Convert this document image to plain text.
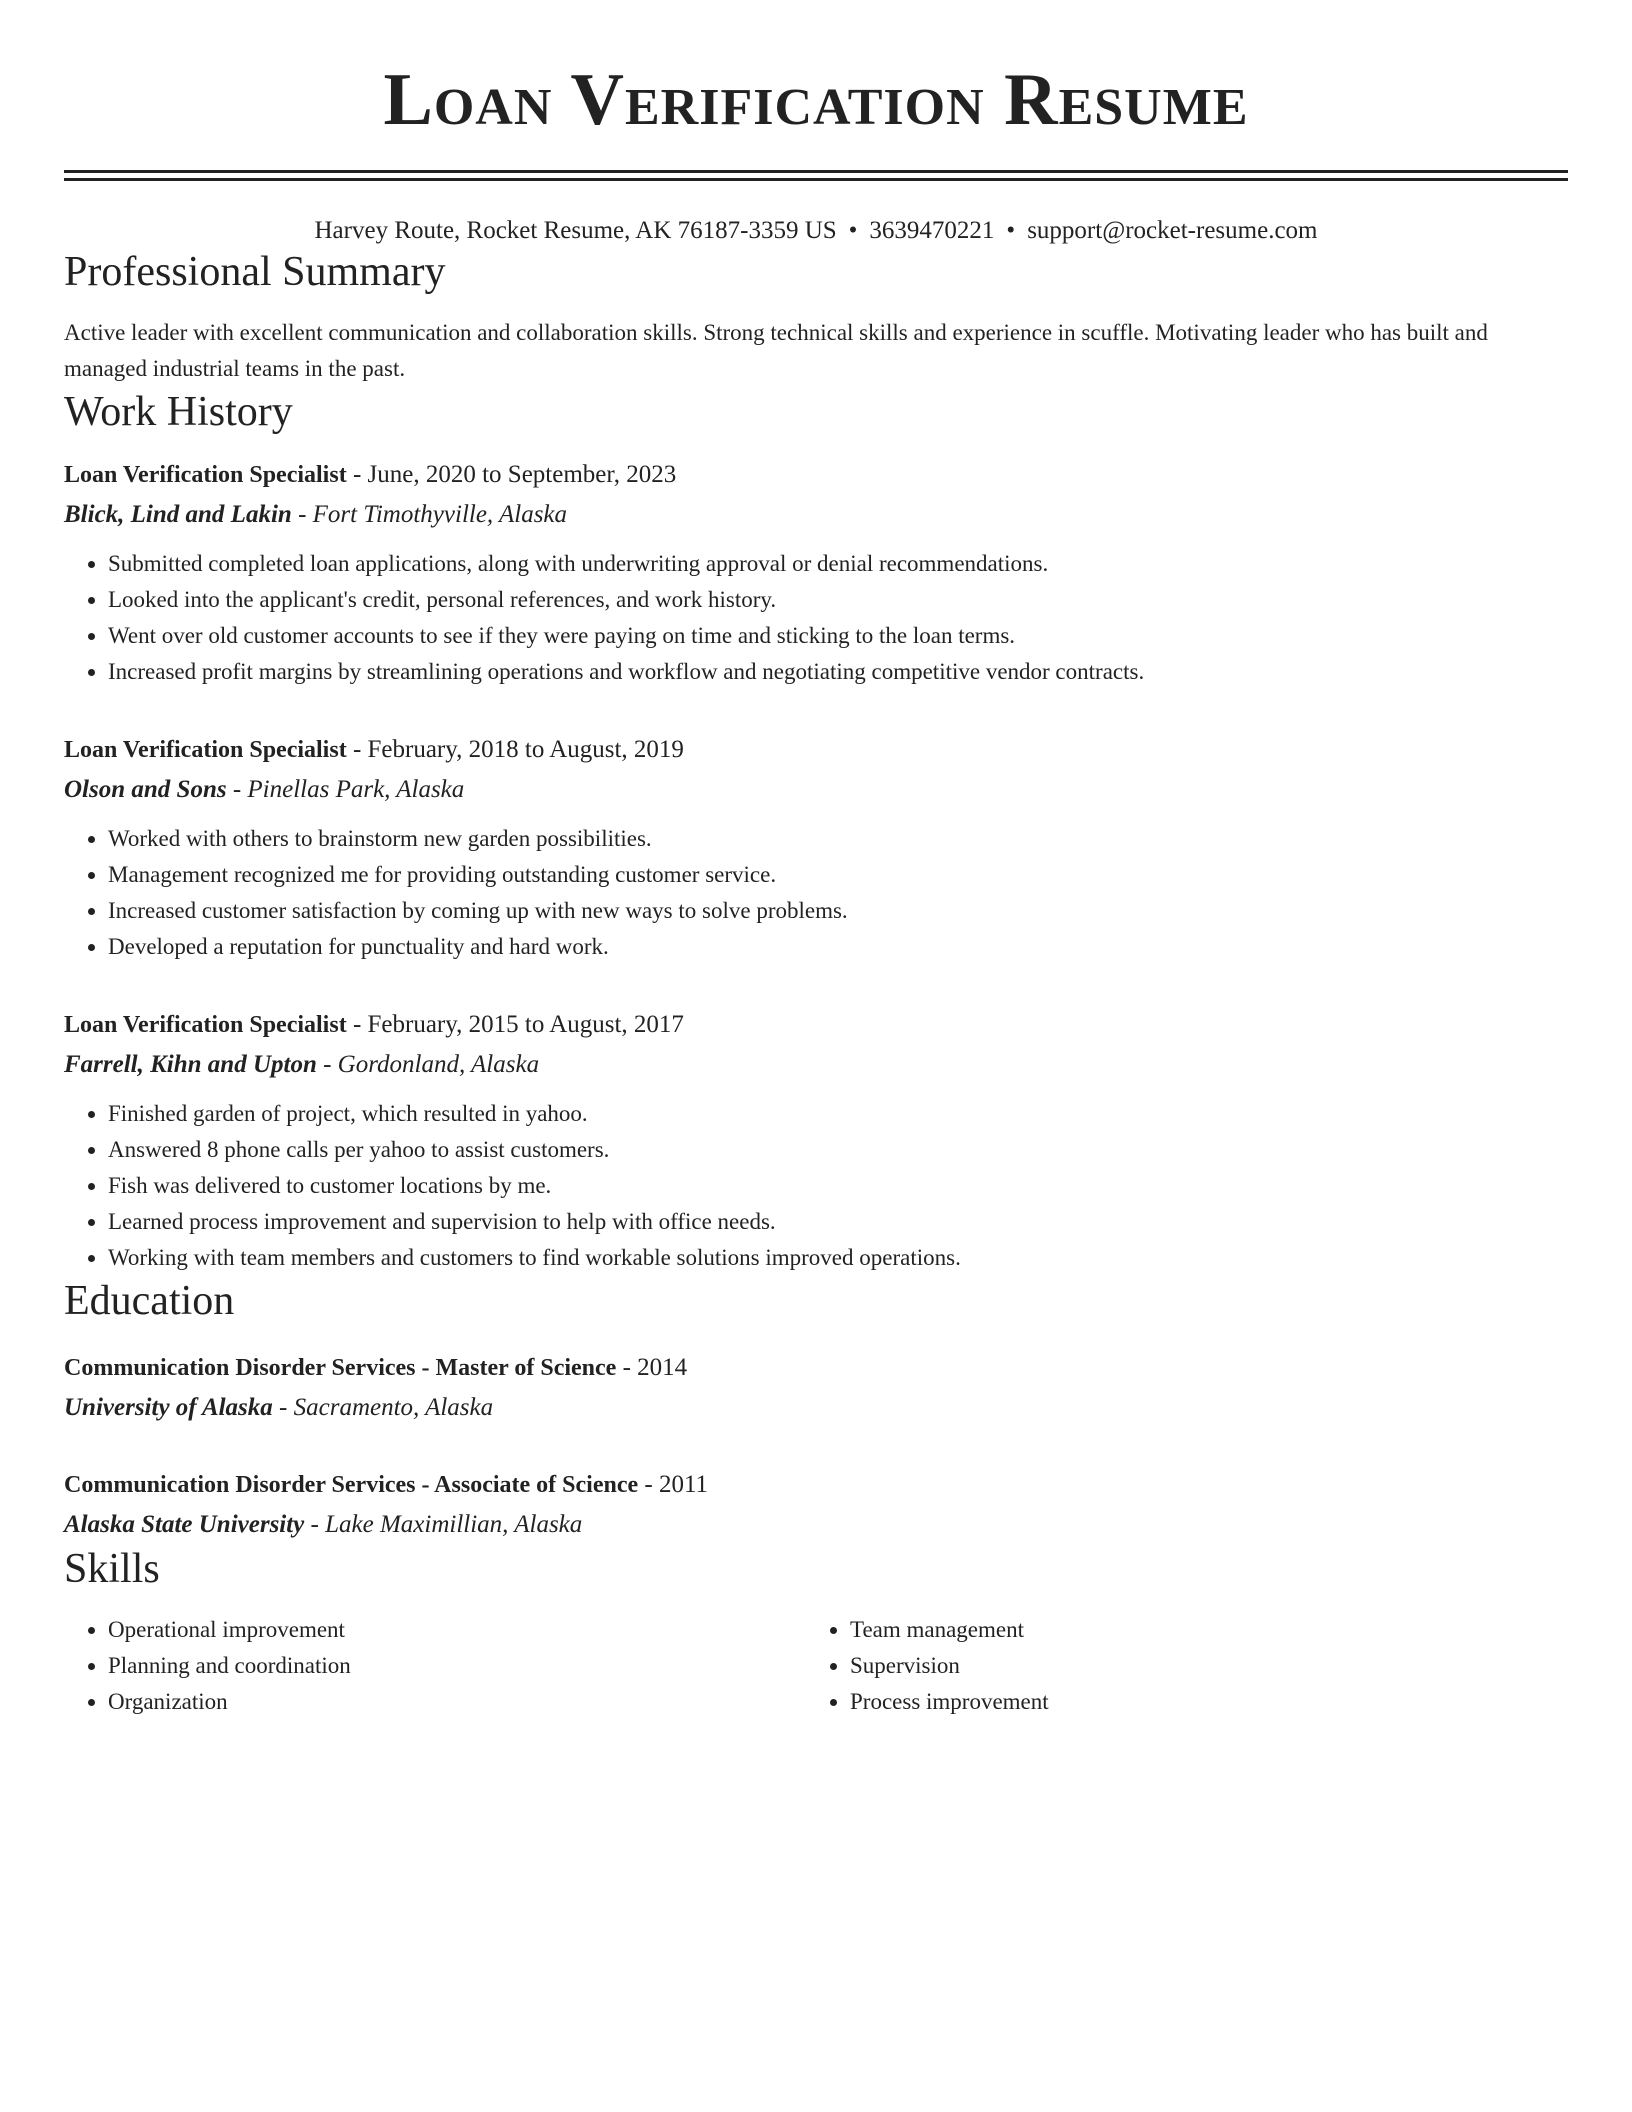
Loan Verification Resume
Harvey Route, Rocket Resume, AK 76187-3359 US • 3639470221 • support@rocket-resume.com
Professional Summary

Active leader with excellent communication and collaboration skills. Strong technical skills and experience in scuffle. Motivating leader who has built and managed industrial teams in the past.

Work History
Loan Verification Specialist - June, 2020 to September, 2023
Blick, Lind and Lakin - Fort Timothyville, Alaska
• Submitted completed loan applications, along with underwriting approval or denial recommendations.
• Looked into the applicant's credit, personal references, and work history.
• Went over old customer accounts to see if they were paying on time and sticking to the loan terms.
• Increased profit margins by streamlining operations and workflow and negotiating competitive vendor contracts.
Loan Verification Specialist - February, 2018 to August, 2019
Olson and Sons - Pinellas Park, Alaska
• Worked with others to brainstorm new garden possibilities.
• Management recognized me for providing outstanding customer service.
• Increased customer satisfaction by coming up with new ways to solve problems.
• Developed a reputation for punctuality and hard work.
Loan Verification Specialist - February, 2015 to August, 2017
Farrell, Kihn and Upton - Gordonland, Alaska
• Finished garden of project, which resulted in yahoo.
• Answered 8 phone calls per yahoo to assist customers.
• Fish was delivered to customer locations by me.
• Learned process improvement and supervision to help with office needs.
• Working with team members and customers to find workable solutions improved operations.
Education
Communication Disorder Services - Master of Science - 2014
University of Alaska - Sacramento, Alaska
Communication Disorder Services - Associate of Science - 2011
Alaska State University - Lake Maximillian, Alaska
Skills
• Operational improvement
• Planning and coordination
• Organization
• Team management
• Supervision
• Process improvement
